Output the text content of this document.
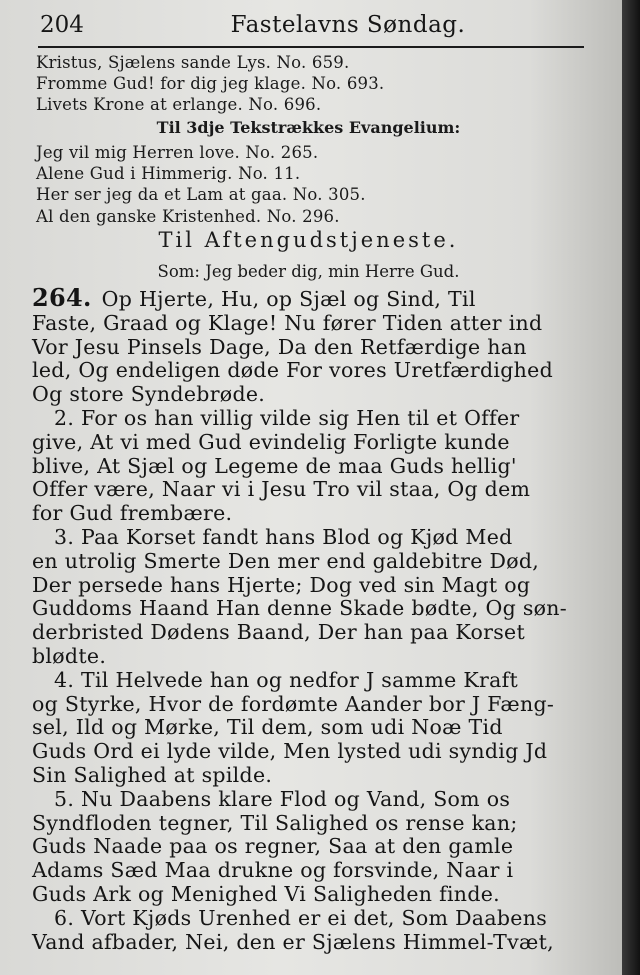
204	Fastelavns Søndag.
Kristus, Sjælens sande Lys. No. 659.
Fromme Gud! for dig jeg klage. No. 693.
Livets Krone at erlange. No. 696.
Til 3dje Tekstrækkes Evangelium:
Jeg vil mig Herren love. No. 265.
Alene Gud i Himmerig. No. 11.
Her ser jeg da et Lam at gaa. No. 305.
Al den ganske Kristenhed. No. 296.
Til Aftengudstjeneste.
Som: Jeg beder dig, min Herre Gud.
264. Op Hjerte, Hu, op Sjæl og Sind, Til
Faste, Graad og Klage! Nu fører Tiden atter ind
Vor Jesu Pinsels Dage, Da den Retfærdige han
led, Og endeligen døde For vores Uretfærdighed
Og store Syndebrøde.
2. For os han villig vilde sig Hen til et Offer
give, At vi med Gud evindelig Forligte kunde
blive, At Sjæl og Legeme de maa Guds hellig'
Offer være, Naar vi i Jesu Tro vil staa, Og dem
for Gud frembære.
3. Paa Korset fandt hans Blod og Kjød Med
en utrolig Smerte Den mer end galdebitre Død,
Der persede hans Hjerte; Dog ved sin Magt og
Guddoms Haand Han denne Skade bødte, Og søn-
derbristed Dødens Baand, Der han paa Korset
blødte.
4. Til Helvede han og nedfor J samme Kraft
og Styrke, Hvor de fordømte Aander bor J Fæng-
sel, Ild og Mørke, Til dem, som udi Noæ Tid
Guds Ord ei lyde vilde, Men lysted udi syndig Jd
Sin Salighed at spilde.
5. Nu Daabens klare Flod og Vand, Som os
Syndfloden tegner, Til Salighed os rense kan;
Guds Naade paa os regner, Saa at den gamle
Adams Sæd Maa drukne og forsvinde, Naar i
Guds Ark og Menighed Vi Saligheden finde.
6. Vort Kjøds Urenhed er ei det, Som Daabens
Vand afbader, Nei, den er Sjælens Himmel-Tvæt,
